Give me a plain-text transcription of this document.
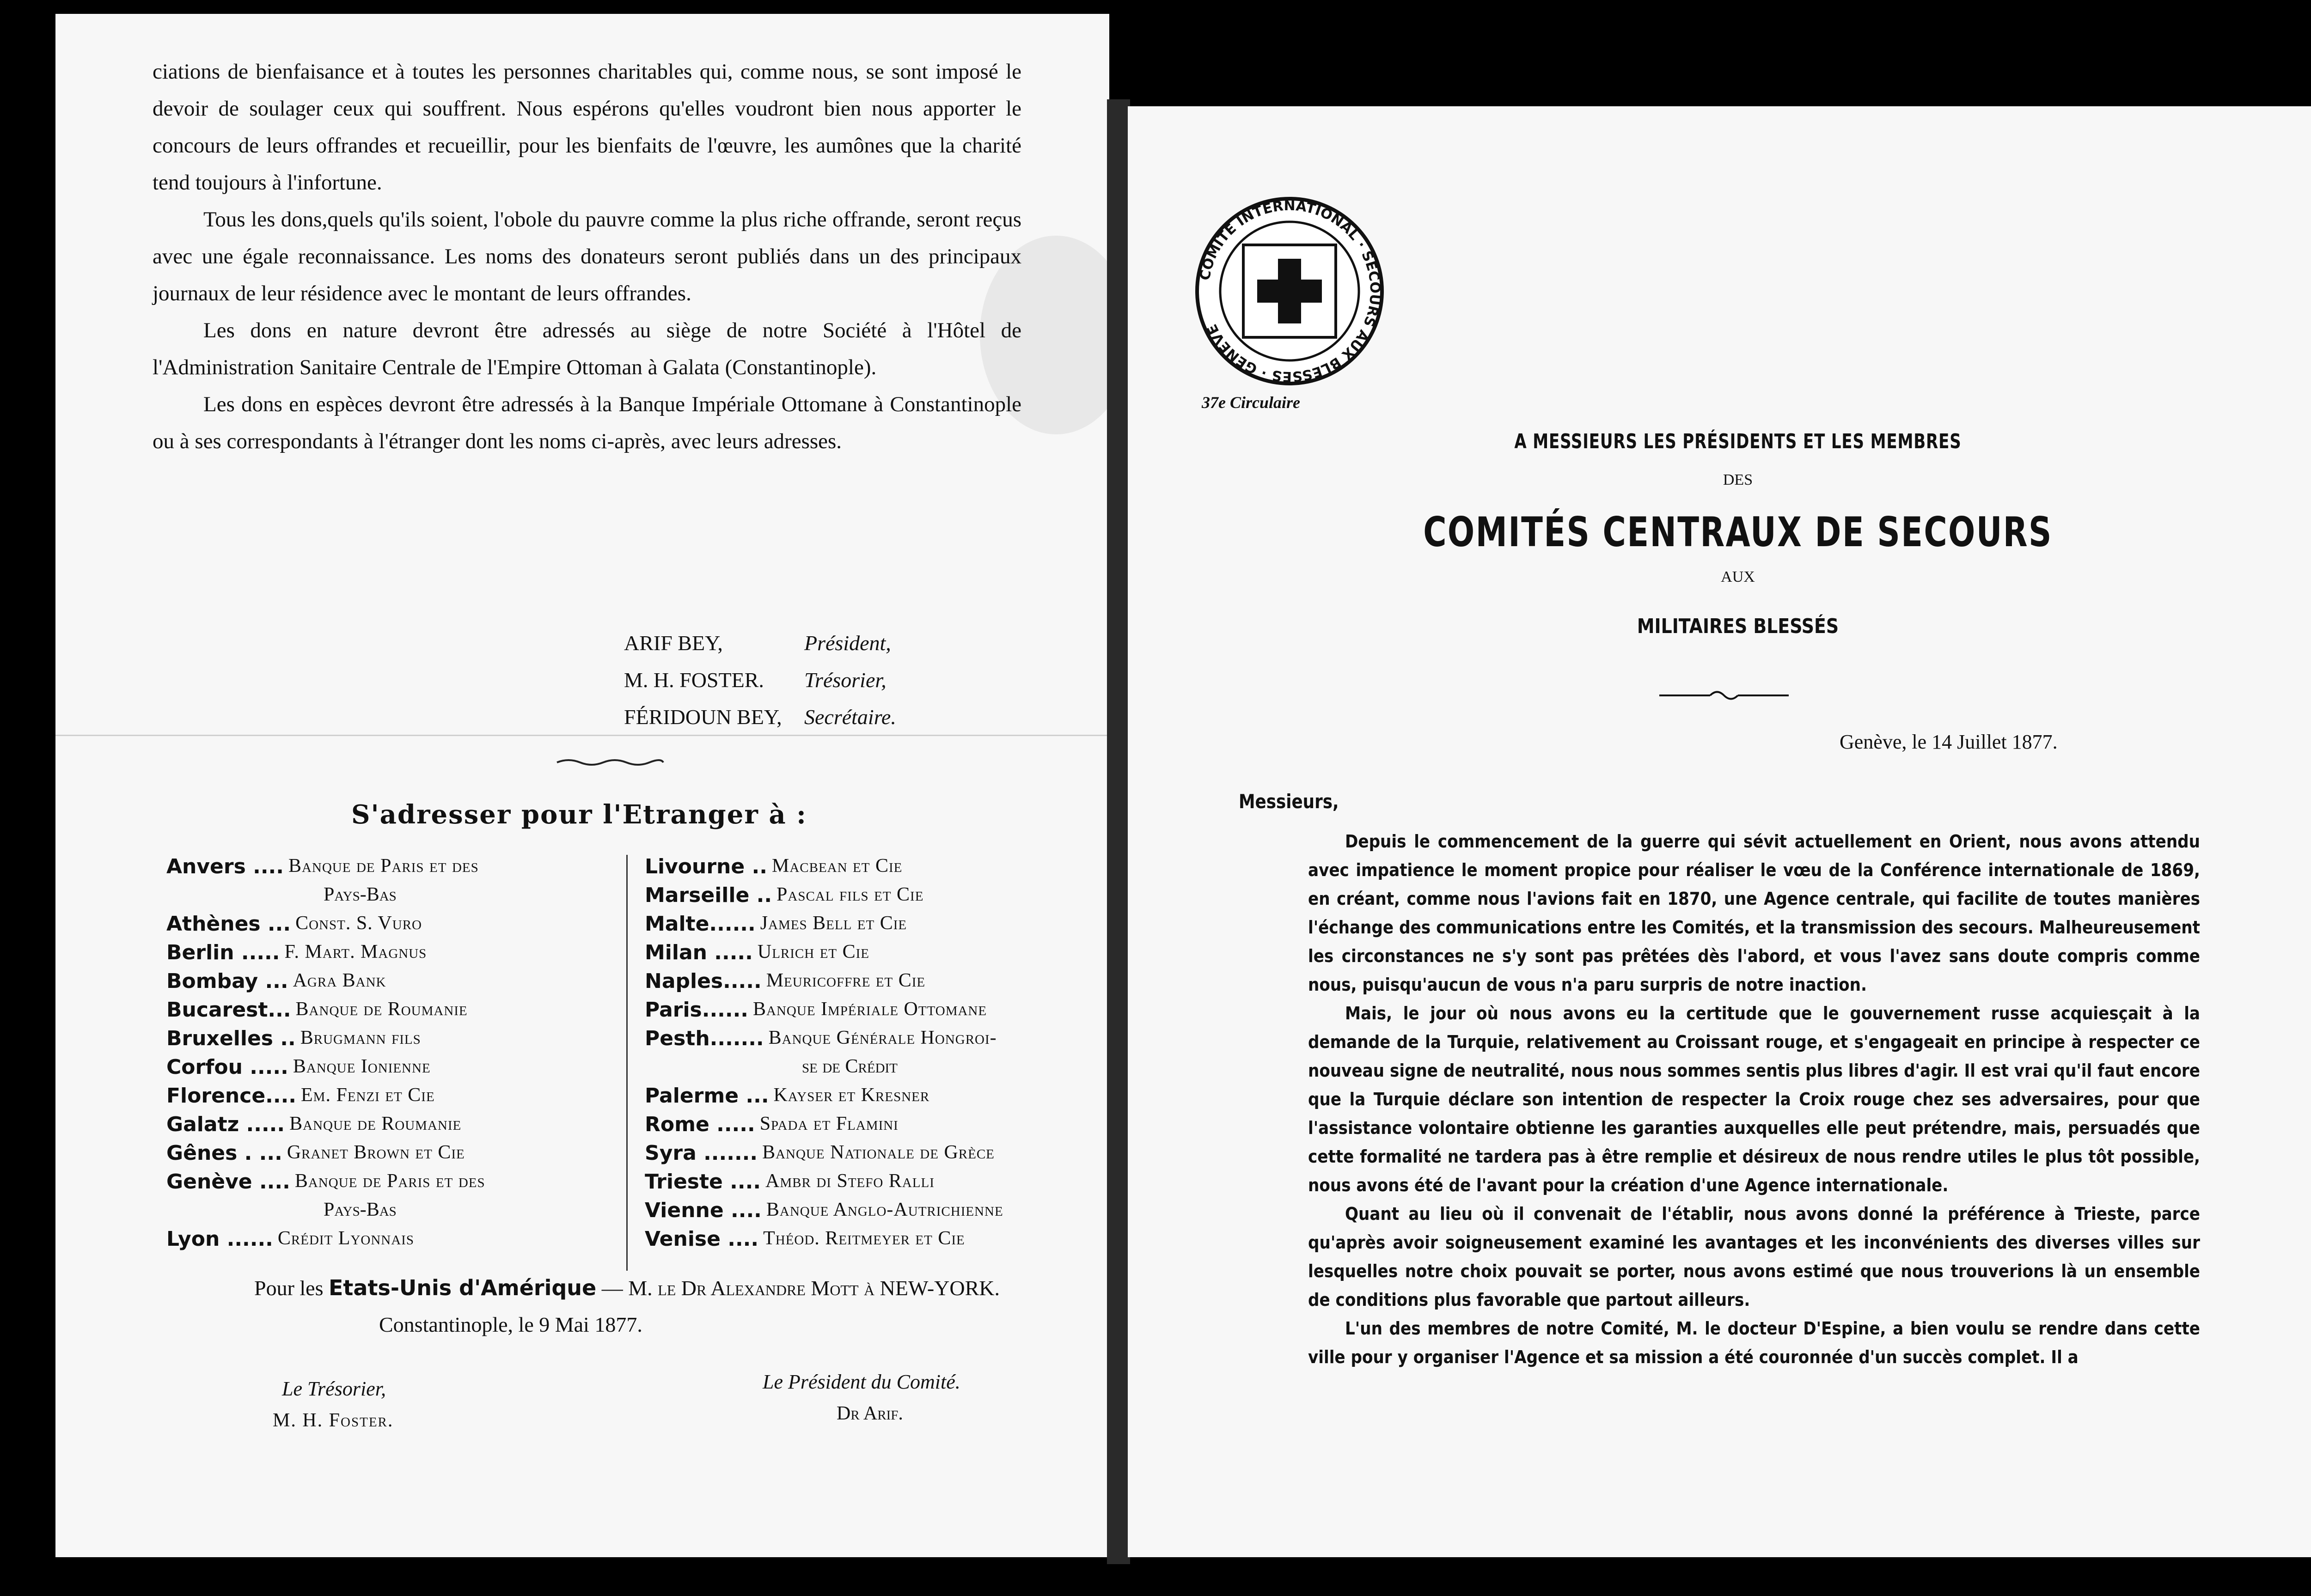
ciations de bienfaisance et à toutes les personnes charitables qui, comme nous, se sont imposé le devoir de soulager ceux qui souffrent. Nous espérons qu'elles voudront bien nous apporter le concours de leurs offrandes et recueillir, pour les bienfaits de l'œuvre, les aumônes que la charité tend toujours à l'infortune.

Tous les dons,quels qu'ils soient, l'obole du pauvre comme la plus riche offrande, seront reçus avec une égale reconnaissance. Les noms des donateurs seront publiés dans un des principaux journaux de leur résidence avec le montant de leurs offrandes.

Les dons en nature devront être adressés au siège de notre Société à l'Hôtel de l'Administration Sanitaire Centrale de l'Empire Ottoman à Galata (Constantinople).

Les dons en espèces devront être adressés à la Banque Impériale Ottomane à Constantinople ou à ses correspondants à l'étranger dont les noms ci-après, avec leurs adresses.

ARIF BEY,	Président,
M. H. FOSTER. Trésorier,
FÉRIDOUN BEY, Secrétaire.
S'adresser pour l'Etranger à :
Anvers .... Banque de Paris et des
Pays-Bas
Athènes ... Const. S. Vuro
Berlin ..... F. Mart. Magnus
Bombay ... Agra Bank
Bucarest... Banque de Roumanie
Bruxelles .. Brugmann fils
Corfou ..... Banque Ionienne
Florence.... Em. Fenzi et Cie
Galatz ..... Banque de Roumanie
Gênes . ... Granet Brown et Cie
Genève .... Banque de Paris et des
Pays-Bas
Lyon ...... Crédit Lyonnais
Livourne .. Macbean et Cie
Marseille .. Pascal fils et Cie
Malte...... James Bell et Cie
Milan ..... Ulrich et Cie
Naples..... Meuricoffre et Cie
Paris...... Banque Impériale Ottomane
Pesth....... Banque Générale Hongroi-
se de Crédit
Palerme ... Kayser et Kresner
Rome ..... Spada et Flamini
Syra ....... Banque Nationale de Grèce
Trieste .... Ambr di Stefo Ralli
Vienne .... Banque Anglo-Autrichienne
Venise .... Théod. Reitmeyer et Cie
Pour les Etats-Unis d'Amérique — M. le Dr Alexandre Mott à NEW-YORK.
Constantinople, le 9 Mai 1877.
Le Trésorier,
M. H. Foster.
Le Président du Comité.
Dr Arif.
COMITÉ INTERNATIONAL · SECOURS AUX BLESSÉS · GENÈVE
37e Circulaire
A MESSIEURS LES PRÉSIDENTS ET LES MEMBRES
DES
COMITÉS CENTRAUX DE SECOURS
AUX
MILITAIRES BLESSÉS
Genève, le 14 Juillet 1877.
Messieurs,

Depuis le commencement de la guerre qui sévit actuellement en Orient, nous avons attendu avec impatience le moment propice pour réaliser le vœu de la Conférence internationale de 1869, en créant, comme nous l'avions fait en 1870, une Agence centrale, qui facilite de toutes manières l'échange des communications entre les Comités, et la transmission des secours. Malheureusement les circonstances ne s'y sont pas prêtées dès l'abord, et vous l'avez sans doute compris comme nous, puisqu'aucun de vous n'a paru surpris de notre inaction.

Mais, le jour où nous avons eu la certitude que le gouvernement russe acquiesçait à la demande de la Turquie, relativement au Croissant rouge, et s'engageait en principe à respecter ce nouveau signe de neutralité, nous nous sommes sentis plus libres d'agir. Il est vrai qu'il faut encore que la Turquie déclare son intention de respecter la Croix rouge chez ses adversaires, pour que l'assistance volontaire obtienne les garanties auxquelles elle peut prétendre, mais, persuadés que cette formalité ne tardera pas à être remplie et désireux de nous rendre utiles le plus tôt possible, nous avons été de l'avant pour la création d'une Agence internationale.

Quant au lieu où il convenait de l'établir, nous avons donné la préférence à Trieste, parce qu'après avoir soigneusement examiné les avantages et les inconvénients des diverses villes sur lesquelles notre choix pouvait se porter, nous avons estimé que nous trouverions là un ensemble de conditions plus favorable que partout ailleurs.

L'un des membres de notre Comité, M. le docteur D'Espine, a bien voulu se rendre dans cette ville pour y organiser l'Agence et sa mission a été couronnée d'un succès complet. Il a
